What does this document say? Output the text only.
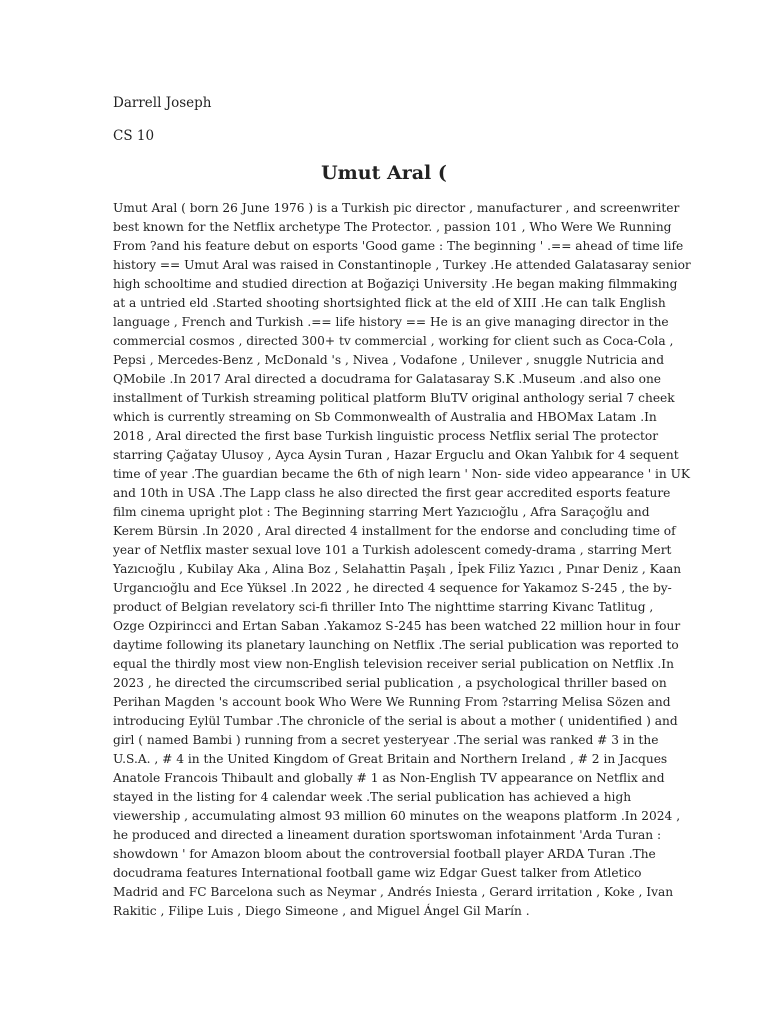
Darrell Joseph
CS 10
Umut Aral (
Umut Aral ( born 26 June 1976 ) is a Turkish pic director , manufacturer , and screenwriter
best known for the Netflix archetype The Protector. , passion 101 , Who Were We Running
From ?and his feature debut on esports 'Good game : The beginning ' .== ahead of time life
history == Umut Aral was raised in Constantinople , Turkey .He attended Galatasaray senior
high schooltime and studied direction at Boğaziçi University .He began making filmmaking
at a untried eld .Started shooting shortsighted flick at the eld of XIII .He can talk English
language , French and Turkish .== life history == He is an give managing director in the
commercial cosmos , directed 300+ tv commercial , working for client such as Coca-Cola ,
Pepsi , Mercedes-Benz , McDonald 's , Nivea , Vodafone , Unilever , snuggle Nutricia and
QMobile .In 2017 Aral directed a docudrama for Galatasaray S.K .Museum .and also one
installment of Turkish streaming political platform BluTV original anthology serial 7 cheek
which is currently streaming on Sb Commonwealth of Australia and HBOMax Latam .In
2018 , Aral directed the first base Turkish linguistic process Netflix serial The protector
starring Çağatay Ulusoy , Ayca Aysin Turan , Hazar Erguclu and Okan Yalıbık for 4 sequent
time of year .The guardian became the 6th of nigh learn ' Non- side video appearance ' in UK
and 10th in USA .The Lapp class he also directed the first gear accredited esports feature
film cinema upright plot : The Beginning starring Mert Yazıcıoğlu , Afra Saraçoğlu and
Kerem Bürsin .In 2020 , Aral directed 4 installment for the endorse and concluding time of
year of Netflix master sexual love 101 a Turkish adolescent comedy-drama , starring Mert
Yazıcıoğlu , Kubilay Aka , Alina Boz , Selahattin Paşalı , İpek Filiz Yazıcı , Pınar Deniz , Kaan
Urgancıoğlu and Ece Yüksel .In 2022 , he directed 4 sequence for Yakamoz S-245 , the by-
product of Belgian revelatory sci-fi thriller Into The nighttime starring Kivanc Tatlitug ,
Ozge Ozpirincci and Ertan Saban .Yakamoz S-245 has been watched 22 million hour in four
daytime following its planetary launching on Netflix .The serial publication was reported to
equal the thirdly most view non-English television receiver serial publication on Netflix .In
2023 , he directed the circumscribed serial publication , a psychological thriller based on
Perihan Magden 's account book Who Were We Running From ?starring Melisa Sözen and
introducing Eylül Tumbar .The chronicle of the serial is about a mother ( unidentified ) and
girl ( named Bambi ) running from a secret yesteryear .The serial was ranked # 3 in the
U.S.A. , # 4 in the United Kingdom of Great Britain and Northern Ireland , # 2 in Jacques
Anatole Francois Thibault and globally # 1 as Non-English TV appearance on Netflix and
stayed in the listing for 4 calendar week .The serial publication has achieved a high
viewership , accumulating almost 93 million 60 minutes on the weapons platform .In 2024 ,
he produced and directed a lineament duration sportswoman infotainment 'Arda Turan :
showdown ' for Amazon bloom about the controversial football player ARDA Turan .The
docudrama features International football game wiz Edgar Guest talker from Atletico
Madrid and FC Barcelona such as Neymar , Andrés Iniesta , Gerard irritation , Koke , Ivan
Rakitic , Filipe Luis , Diego Simeone , and Miguel Ángel Gil Marín .
